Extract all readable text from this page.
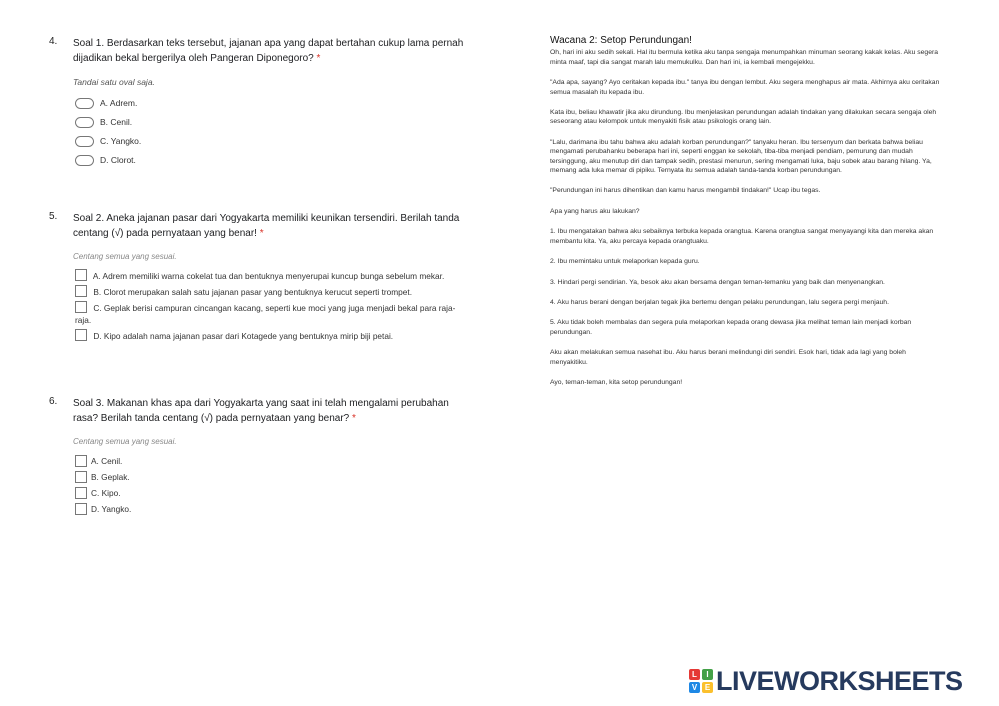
4. Soal 1. Berdasarkan teks tersebut, jajanan apa yang dapat bertahan cukup lama pernah dijadikan bekal bergerilya oleh Pangeran Diponegoro? *
Tandai satu oval saja.
A. Adrem.
B. Cenil.
C. Yangko.
D. Clorot.
5. Soal 2. Aneka jajanan pasar dari Yogyakarta memiliki keunikan tersendiri. Berilah tanda centang (√) pada pernyataan yang benar! *
Centang semua yang sesuai.
A. Adrem memiliki warna cokelat tua dan bentuknya menyerupai kuncup bunga sebelum mekar.
B. Clorot merupakan salah satu jajanan pasar yang bentuknya kerucut seperti trompet.
C. Geplak berisi campuran cincangan kacang, seperti kue moci yang juga menjadi bekal para raja-raja.
D. Kipo adalah nama jajanan pasar dari Kotagede yang bentuknya mirip biji petai.
6. Soal 3. Makanan khas apa dari Yogyakarta yang saat ini telah mengalami perubahan rasa? Berilah tanda centang (√) pada pernyataan yang benar? *
Centang semua yang sesuai.
A. Cenil.
B. Geplak.
C. Kipo.
D. Yangko.
Wacana 2: Setop Perundungan!

Oh, hari ini aku sedih sekali. Hal itu bermula ketika aku tanpa sengaja menumpahkan minuman seorang kakak kelas. Aku segera minta maaf, tapi dia sangat marah lalu memukulku. Dan hari ini, ia kembali mengejekku.

"Ada apa, sayang? Ayo ceritakan kepada ibu." tanya ibu dengan lembut. Aku segera menghapus air mata. Akhirnya aku ceritakan semua masalah itu kepada ibu.

Kata ibu, beliau khawatir jika aku dirundung. Ibu menjelaskan perundungan adalah tindakan yang dilakukan secara sengaja oleh seseorang atau kelompok untuk menyakiti fisik atau psikologis orang lain.

"Lalu, darimana ibu tahu bahwa aku adalah korban perundungan?" tanyaku heran. Ibu tersenyum dan berkata bahwa beliau mengamati perubahanku beberapa hari ini, seperti enggan ke sekolah, tiba-tiba menjadi pendiam, pemurung dan mudah tersinggung, aku menutup diri dan tampak sedih, prestasi menurun, sering mengamati luka, baju sobek atau barang hilang. Ya, memang ada luka memar di pipiku. Ternyata itu semua adalah tanda-tanda korban perundungan.

"Perundungan ini harus dihentikan dan kamu harus mengambil tindakan!" Ucap ibu tegas.

Apa yang harus aku lakukan?

1. Ibu mengatakan bahwa aku sebaiknya terbuka kepada orangtua. Karena orangtua sangat menyayangi kita dan mereka akan membantu kita. Ya, aku percaya kepada orangtuaku.

2. Ibu memintaku untuk melaporkan kepada guru.

3. Hindari pergi sendirian. Ya, besok aku akan bersama dengan teman-temanku yang baik dan menyenangkan.

4. Aku harus berani dengan berjalan tegak jika bertemu dengan pelaku perundungan, lalu segera pergi menjauh.

5. Aku tidak boleh membalas dan segera pula melaporkan kepada orang dewasa jika melihat teman lain menjadi korban perundungan.

Aku akan melakukan semua nasehat ibu. Aku harus berani melindungi diri sendiri. Esok hari, tidak ada lagi yang boleh menyakitiku.

Ayo, teman-teman, kita setop perundungan!

L	I
V E LIVEWORKSHEETS
